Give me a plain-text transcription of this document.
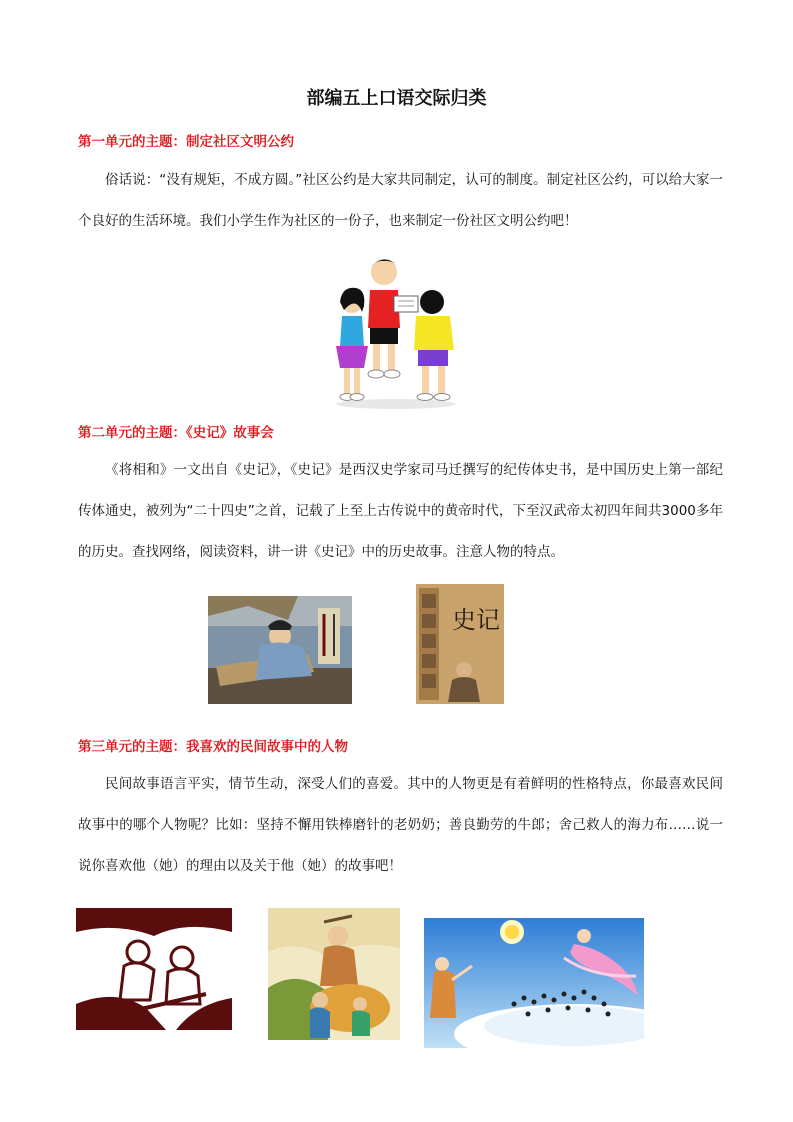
部编五上口语交际归类
第一单元的主题：制定社区文明公约

俗话说：“没有规矩，不成方圆。”社区公约是大家共同制定，认可的制度。制定社区公约，可以给大家一个良好的生活环境。我们小学生作为社区的一份子，也来制定一份社区文明公约吧！

第二单元的主题：《史记》故事会

《将相和》一文出自《史记》，《史记》是西汉史学家司马迁撰写的纪传体史书，是中国历史上第一部纪传体通史，被列为“二十四史”之首，记载了上至上古传说中的黄帝时代，下至汉武帝太初四年间共3000多年的历史。查找网络，阅读资料，讲一讲《史记》中的历史故事。注意人物的特点。

史记
第三单元的主题：我喜欢的民间故事中的人物

民间故事语言平实，情节生动，深受人们的喜爱。其中的人物更是有着鲜明的性格特点，你最喜欢民间故事中的哪个人物呢？比如：坚持不懈用铁棒磨针的老奶奶；善良勤劳的牛郎；舍己救人的海力布……说一说你喜欢他（她）的理由以及关于他（她）的故事吧！
